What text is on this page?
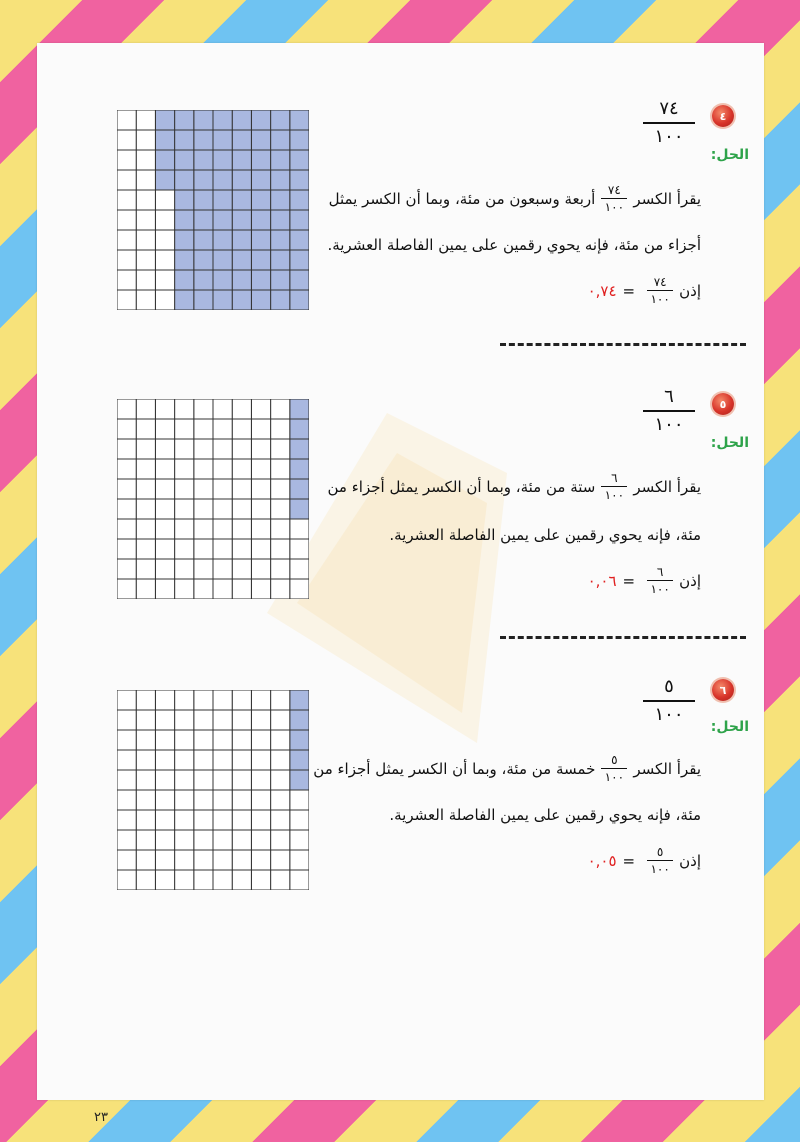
٤
٧٤
١٠٠
الحل:
يقرأ الكسر
٧٤
١٠٠
أربعة وسبعون من مئة، وبما أن الكسر يمثل
أجزاء من مئة، فإنه يحوي رقمين على يمين الفاصلة العشرية.
إذن
٧٤
١٠٠
=
٠,٧٤
٥
٦
١٠٠
الحل:
يقرأ الكسر
٦
١٠٠
ستة من مئة، وبما أن الكسر يمثل أجزاء من
مئة، فإنه يحوي رقمين على يمين الفاصلة العشرية.
إذن
٦
١٠٠
=
٠,٠٦
٦
٥
١٠٠
الحل:
يقرأ الكسر
٥
١٠٠
خمسة من مئة، وبما أن الكسر يمثل أجزاء من
مئة، فإنه يحوي رقمين على يمين الفاصلة العشرية.
إذن
٥
١٠٠
=
٠,٠٥
٢٣
